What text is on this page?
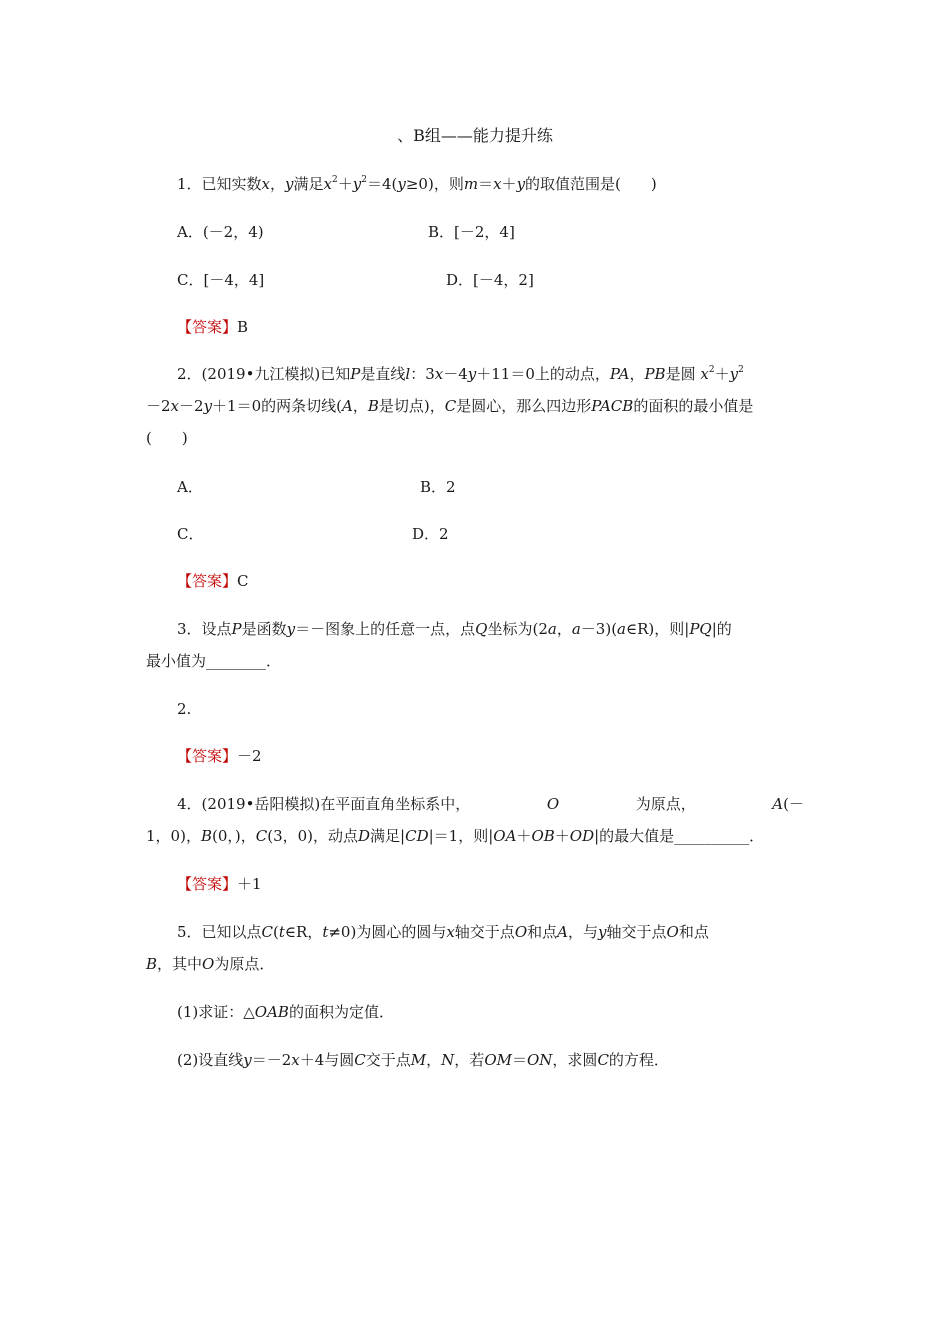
、B组——能力提升练
1．已知实数x，y满足$x^2+y^2=4(y\ge 0)$，则m＝x＋y的取值范围是(　　)
A．(－2，4)	B．[－2，4]
C．[－4，4]	D．[－4，2]
【答案】B
2．(2019•九江模拟)已知P是直线l：3x－4y＋11＝0上的动点，PA，PB是圆 $x^2+y^2$
－2x－2y＋1＝0的两条切线(A，B是切点)，C是圆心，那么四边形PACB的面积的最小值是
(　　)
A．	B．2
C．	D．2
【答案】C
3．设点P是函数y＝－图象上的任意一点，点Q坐标为(2a，a－3)(a∈R)，则|PQ|的
最小值为________．
2.
【答案】－2
4．(2019•岳阳模拟)在平面直角坐标系中，	O	为原点，	A(－
1，0)，B(0，)，C(3，0)，动点D满足|CD|＝1，则|OA＋OB＋OD|的最大值是__________．
【答案】＋1
5．已知以点C(t∈R，t≠0)为圆心的圆与x轴交于点O和点A，与y轴交于点O和点
B，其中O为原点．
(1)求证：△OAB的面积为定值．
(2)设直线y＝－2x＋4与圆C交于点M，N，若OM＝ON，求圆C的方程．
